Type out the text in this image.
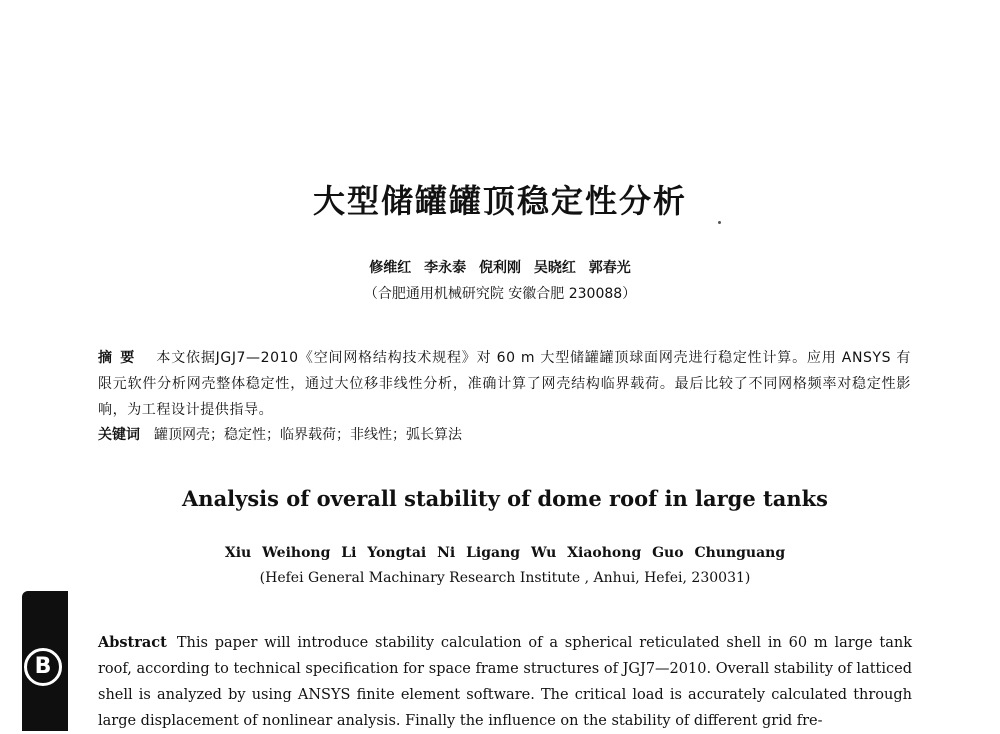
大型储罐罐顶稳定性分析
修维红 李永泰 倪利刚 吴晓红 郭春光
（合肥通用机械研究院 安徽合肥 230088）
摘要 本文依据JGJ7—2010《空间网格结构技术规程》对 60 m 大型储罐罐顶球面网壳进行稳定性计算。应用 ANSYS 有限元软件分析网壳整体稳定性，通过大位移非线性分析，准确计算了网壳结构临界载荷。最后比较了不同网格频率对稳定性影响，为工程设计提供指导。
关键词 罐顶网壳；稳定性；临界载荷；非线性；弧长算法
Analysis of overall stability of dome roof in large tanks
Xiu Weihong Li Yongtai Ni Ligang Wu Xiaohong Guo Chunguang
(Hefei General Machinary Research Institute , Anhui, Hefei, 230031)
Abstract This paper will introduce stability calculation of a spherical reticulated shell in 60 m large tank roof, according to technical specification for space frame structures of JGJ7—2010. Overall stability of latticed shell is analyzed by using ANSYS finite element software. The critical load is accurately calculated through large displacement of nonlinear analysis. Finally the influence on the stability of different grid fre-
B
